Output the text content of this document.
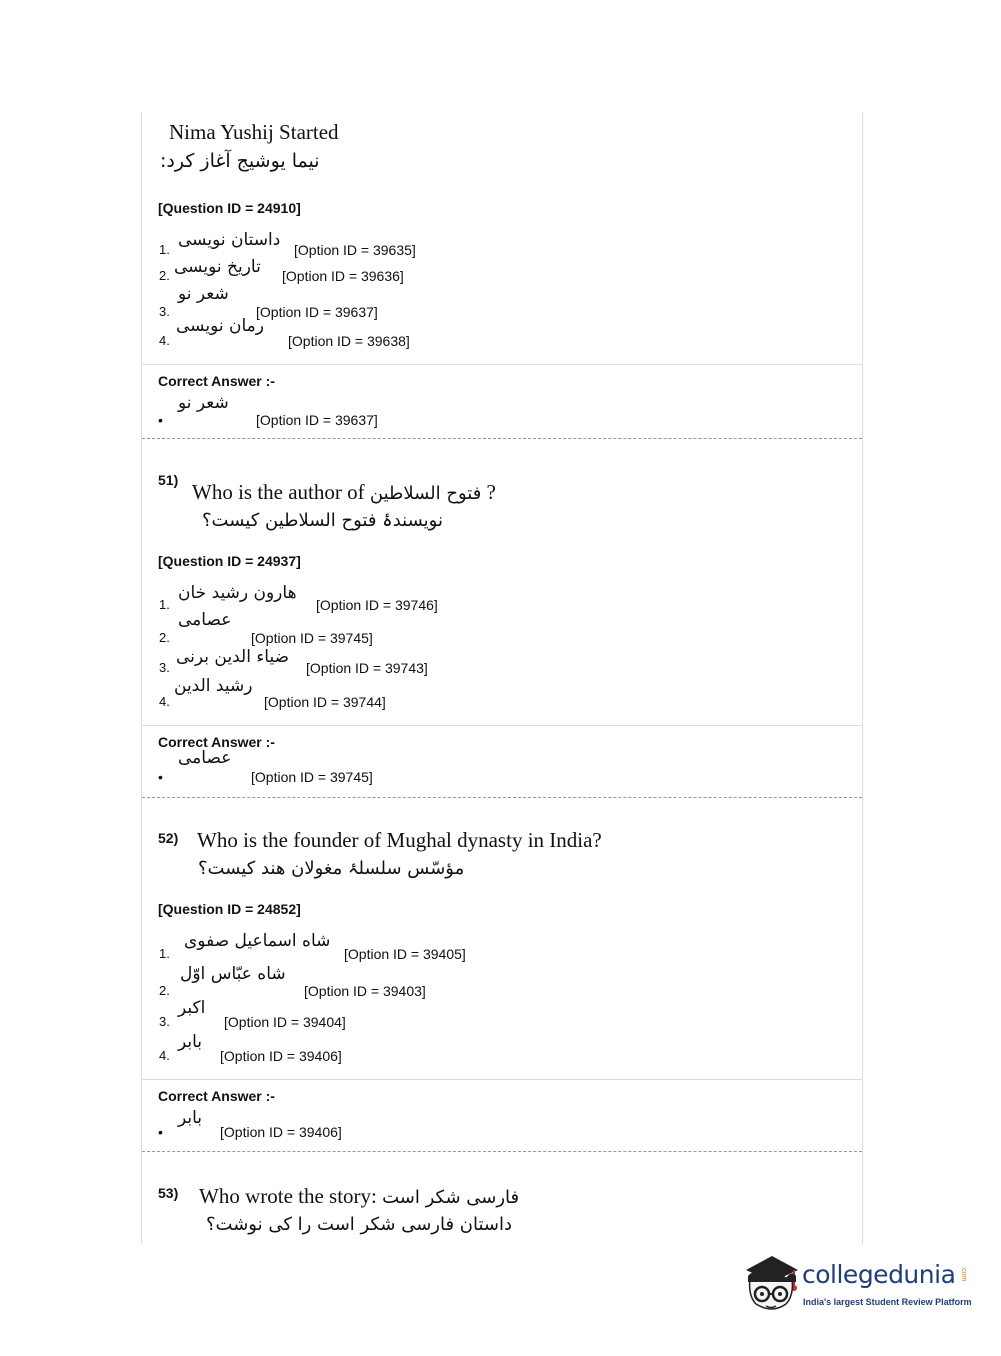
Nima Yushij Started
نیما یوشیج آغاز کرد:
[Question ID = 24910]
1. داستان نویسی [Option ID = 39635]
2. تاریخ نویسی [Option ID = 39636]
3.
شعر نو
[Option ID = 39637]
4.
رمان نویسی
[Option ID = 39638]
Correct Answer :-
•
شعر نو
[Option ID = 39637]
51) Who is the author of فتوح السلاطین ?
نویسندۂ فتوح السلاطین کیست؟
[Question ID = 24937]
1.
هارون رشید خان
[Option ID = 39746]
2.
عصامی
[Option ID = 39745]
3.
ضیاء الدین برنی
[Option ID = 39743]
4.
رشید الدین
[Option ID = 39744]
Correct Answer :-
•
عصامی
[Option ID = 39745]
52) Who is the founder of Mughal dynasty in India?
مؤسّس سلسلۂ مغولان هند کیست؟
[Question ID = 24852]
1.
شاه اسماعیل صفوی
[Option ID = 39405]
2.
شاه عبّاس اوّل
[Option ID = 39403]
3.
اکبر
[Option ID = 39404]
4.
بابر
[Option ID = 39406]
Correct Answer :-
•
بابر
[Option ID = 39406]
53) Who wrote the story: فارسی شکر است
داستان فارسی شکر است را کی نوشت؟
collegedunia .com
India's largest Student Review Platform
